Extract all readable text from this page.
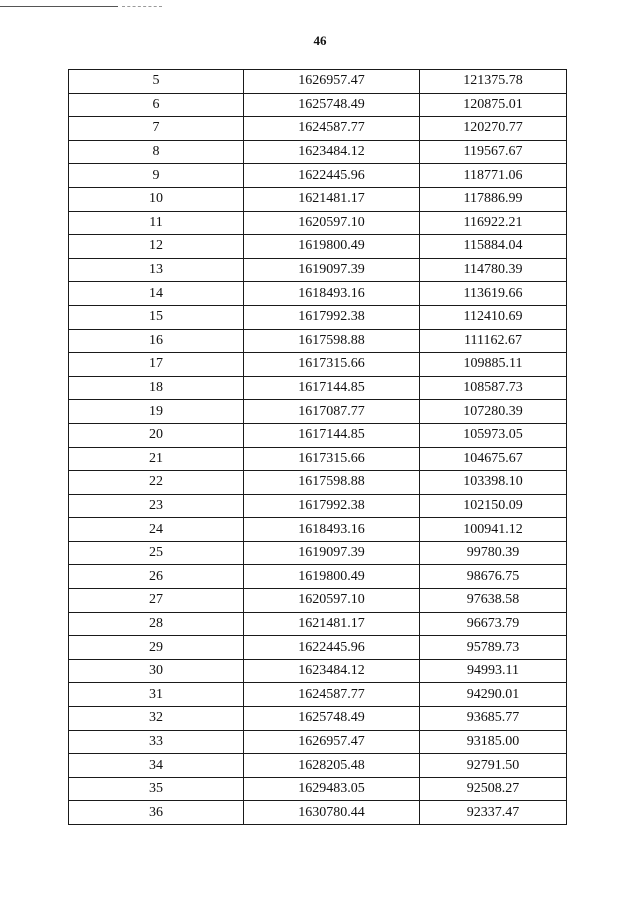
46
5	1626957.47	121375.78
6	1625748.49	120875.01
7	1624587.77	120270.77
8	1623484.12	119567.67
9	1622445.96	118771.06
10	1621481.17	117886.99
11	1620597.10	116922.21
12	1619800.49	115884.04
13	1619097.39	114780.39
14	1618493.16	113619.66
15	1617992.38	112410.69
16	1617598.88	111162.67
17	1617315.66	109885.11
18	1617144.85	108587.73
19	1617087.77	107280.39
20	1617144.85	105973.05
21	1617315.66	104675.67
22	1617598.88	103398.10
23	1617992.38	102150.09
24	1618493.16	100941.12
25	1619097.39	99780.39
26	1619800.49	98676.75
27	1620597.10	97638.58
28	1621481.17	96673.79
29	1622445.96	95789.73
30	1623484.12	94993.11
31	1624587.77	94290.01
32	1625748.49	93685.77
33	1626957.47	93185.00
34	1628205.48	92791.50
35	1629483.05	92508.27
36	1630780.44	92337.47
